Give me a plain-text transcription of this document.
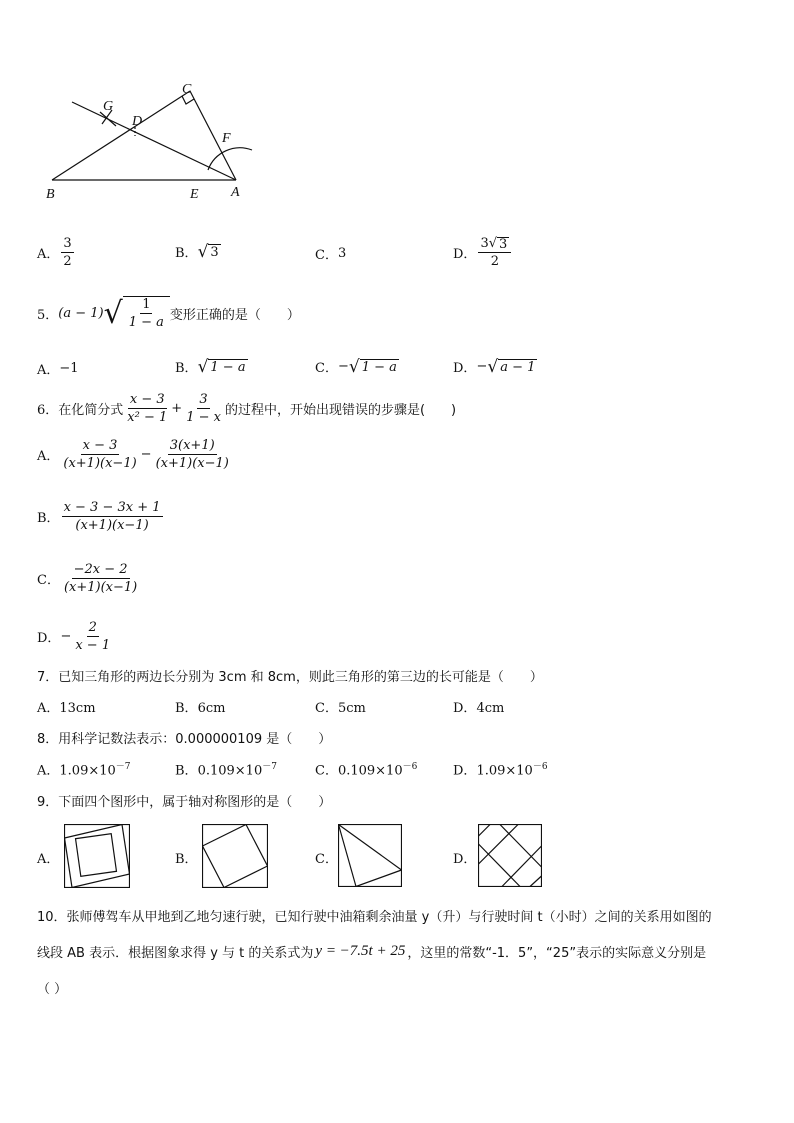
G
C
D
F
B	E A
A． $\frac{3}{2}$	B． √ 3	C． 3	D． $\frac{3 √ 3}{2}$
5． (a − 1) √ $\frac{1}{1 - a}$ 变形正确的是（　　）
A． −1	B． √ 1 − a	C． − √ 1 − a	D． − √ a − 1
6． 在化简分式 $\frac{x - 3}{\text{x² − 1}} + \frac{3}{1 - x}$ 的过程中，开始出现错误的步骤是(　　)
A． $\frac{x - 3}{(x+1)(x-1)} - \frac{3(x+1)}{(x+1)(x-1)}$
B． $\frac{x - 3 - 3x + 1}{(x+1)(x-1)}$
C． $\frac{-2x - 2}{(x+1)(x-1)}$
D． − $\frac{2}{x - 1}$
7．已知三角形的两边长分别为 3cm 和 8cm，则此三角形的第三边的长可能是（　　）
A．13cm	B．6cm	C．5cm	D．4cm
8．用科学记数法表示：0.000000109 是（　　）
A．$1.09\times 10^{-7}$	B．$0.109\times 10^{-7}$	C．$0.109\times 10^{-6}$	D．$1.09\times 10^{-6}$
9．下面四个图形中，属于轴对称图形的是（　　）
A．	B．	C．	D．
10．张师傅驾车从甲地到乙地匀速行驶，已知行驶中油箱剩余油量 y（升）与行驶时间 t（小时）之间的关系用如图的
线段 AB 表示．根据图象求得 y 与 t 的关系式为 y = −7.5t + 25 ，这里的常数“-1．5”，“25”表示的实际意义分别是
（ ）
